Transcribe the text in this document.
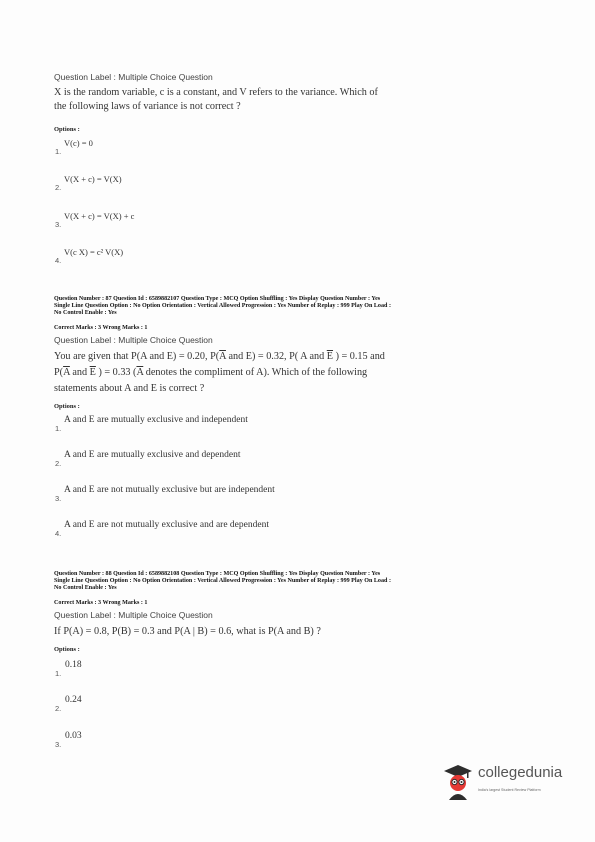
Question Label : Multiple Choice Question
X is the random variable, c is a constant, and V refers to the variance. Which of
the following laws of variance is not correct ?
Options :
1.
V(c) = 0
2.
V(X + c) = V(X)
3.
V(X + c) = V(X) + c
4.
V(c X) = c² V(X)
Question Number : 87 Question Id : 6589882107 Question Type : MCQ Option Shuffling : Yes Display Question Number : Yes
Single Line Question Option : No Option Orientation : Vertical Allowed Progression : Yes Number of Replay : 999 Play On Load :
No Control Enable : Yes
Correct Marks : 3 Wrong Marks : 1
Question Label : Multiple Choice Question
You are given that P(A and E) = 0.20, $P(\overline{A}$ and E) = 0.32, P( A and $\overline{E}$ ) = 0.15 and
$P(\overline{A}$ and $\overline{E}$ ) = 0.33 ($\overline{A}$ denotes the compliment of A). Which of the following
statements about A and E is correct ?
Options :
1.
A and E are mutually exclusive and independent
2.
A and E are mutually exclusive and dependent
3.
A and E are not mutually exclusive but are independent
4.
A and E are not mutually exclusive and are dependent
Question Number : 88 Question Id : 6589882108 Question Type : MCQ Option Shuffling : Yes Display Question Number : Yes
Single Line Question Option : No Option Orientation : Vertical Allowed Progression : Yes Number of Replay : 999 Play On Load :
No Control Enable : Yes
Correct Marks : 3 Wrong Marks : 1
Question Label : Multiple Choice Question
If P(A) = 0.8, P(B) = 0.3 and P(A | B) = 0.6, what is P(A and B) ?
Options :
1.
0.18
2.
0.24
3.
0.03
collegedunia
India's largest Student Review Platform
